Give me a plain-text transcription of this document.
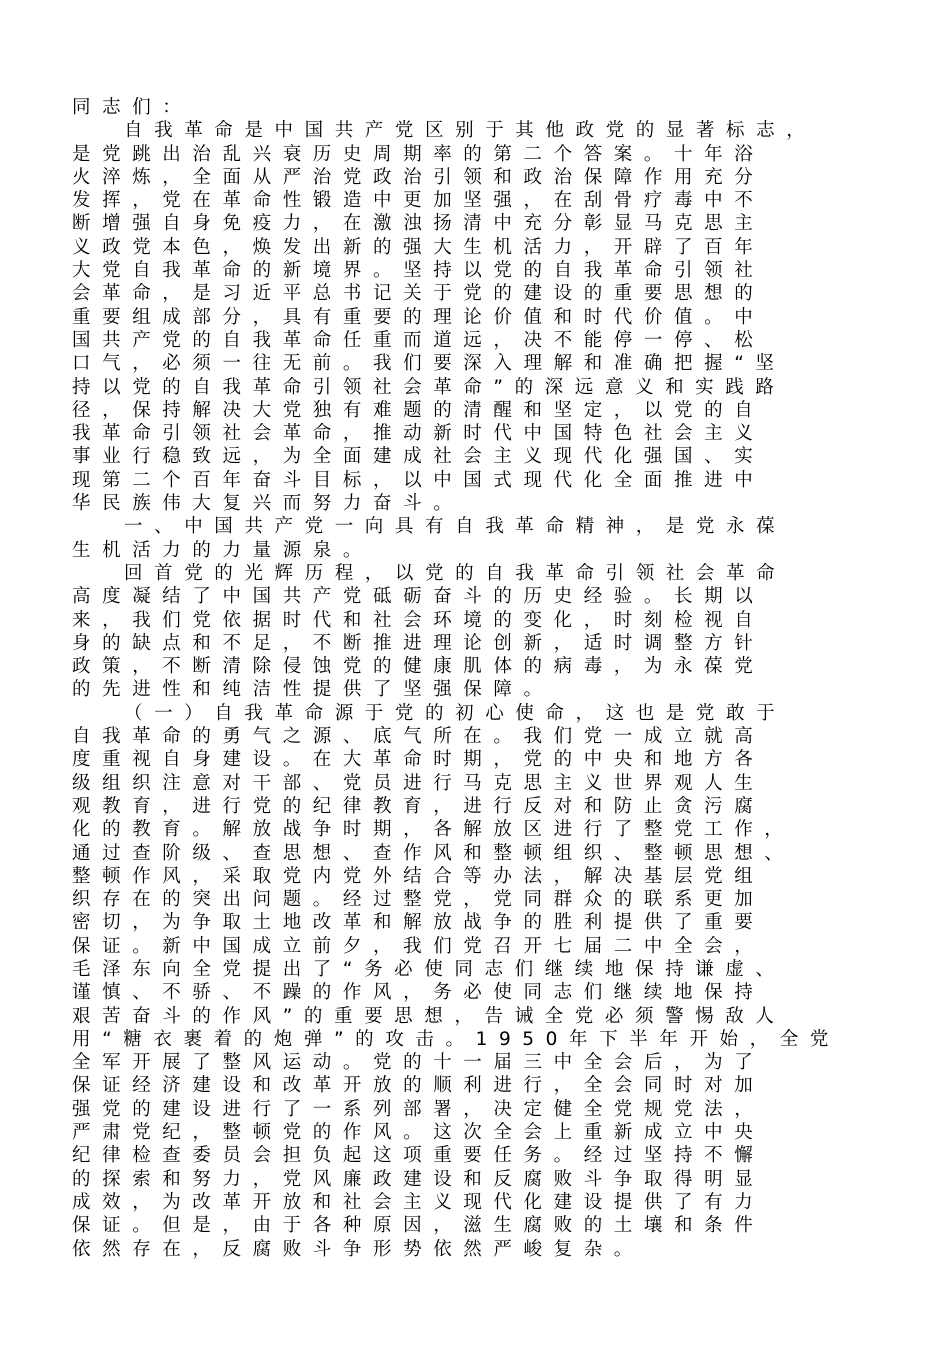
同志们：
自我革命是中国共产党区别于其他政党的显著标志，
是党跳出治乱兴衰历史周期率的第二个答案。十年浴
火淬炼，全面从严治党政治引领和政治保障作用充分
发挥，党在革命性锻造中更加坚强，在刮骨疗毒中不
断增强自身免疫力，在激浊扬清中充分彰显马克思主
义政党本色，焕发出新的强大生机活力，开辟了百年
大党自我革命的新境界。坚持以党的自我革命引领社
会革命，是习近平总书记关于党的建设的重要思想的
重要组成部分，具有重要的理论价值和时代价值。中
国共产党的自我革命任重而道远，决不能停一停、松
口气，必须一往无前。我们要深入理解和准确把握“坚
持以党的自我革命引领社会革命”的深远意义和实践路
径，保持解决大党独有难题的清醒和坚定，以党的自
我革命引领社会革命，推动新时代中国特色社会主义
事业行稳致远，为全面建成社会主义现代化强国、实
现第二个百年奋斗目标，以中国式现代化全面推进中
华民族伟大复兴而努力奋斗。
一、中国共产党一向具有自我革命精神，是党永葆
生机活力的力量源泉。
回首党的光辉历程，以党的自我革命引领社会革命
高度凝结了中国共产党砥砺奋斗的历史经验。长期以
来，我们党依据时代和社会环境的变化，时刻检视自
身的缺点和不足，不断推进理论创新，适时调整方针
政策，不断清除侵蚀党的健康肌体的病毒，为永葆党
的先进性和纯洁性提供了坚强保障。
（一）自我革命源于党的初心使命，这也是党敢于
自我革命的勇气之源、底气所在。我们党一成立就高
度重视自身建设。在大革命时期，党的中央和地方各
级组织注意对干部、党员进行马克思主义世界观人生
观教育，进行党的纪律教育，进行反对和防止贪污腐
化的教育。解放战争时期，各解放区进行了整党工作，
通过查阶级、查思想、查作风和整顿组织、整顿思想、
整顿作风，采取党内党外结合等办法，解决基层党组
织存在的突出问题。经过整党，党同群众的联系更加
密切，为争取土地改革和解放战争的胜利提供了重要
保证。新中国成立前夕，我们党召开七届二中全会，
毛泽东向全党提出了“务必使同志们继续地保持谦虚、
谨慎、不骄、不躁的作风，务必使同志们继续地保持
艰苦奋斗的作风”的重要思想，告诫全党必须警惕敌人
用“糖衣裹着的炮弹”的攻击。1950年下半年开始，全党
全军开展了整风运动。党的十一届三中全会后，为了
保证经济建设和改革开放的顺利进行，全会同时对加
强党的建设进行了一系列部署，决定健全党规党法，
严肃党纪，整顿党的作风。这次全会上重新成立中央
纪律检查委员会担负起这项重要任务。经过坚持不懈
的探索和努力，党风廉政建设和反腐败斗争取得明显
成效，为改革开放和社会主义现代化建设提供了有力
保证。但是，由于各种原因，滋生腐败的土壤和条件
依然存在，反腐败斗争形势依然严峻复杂。
